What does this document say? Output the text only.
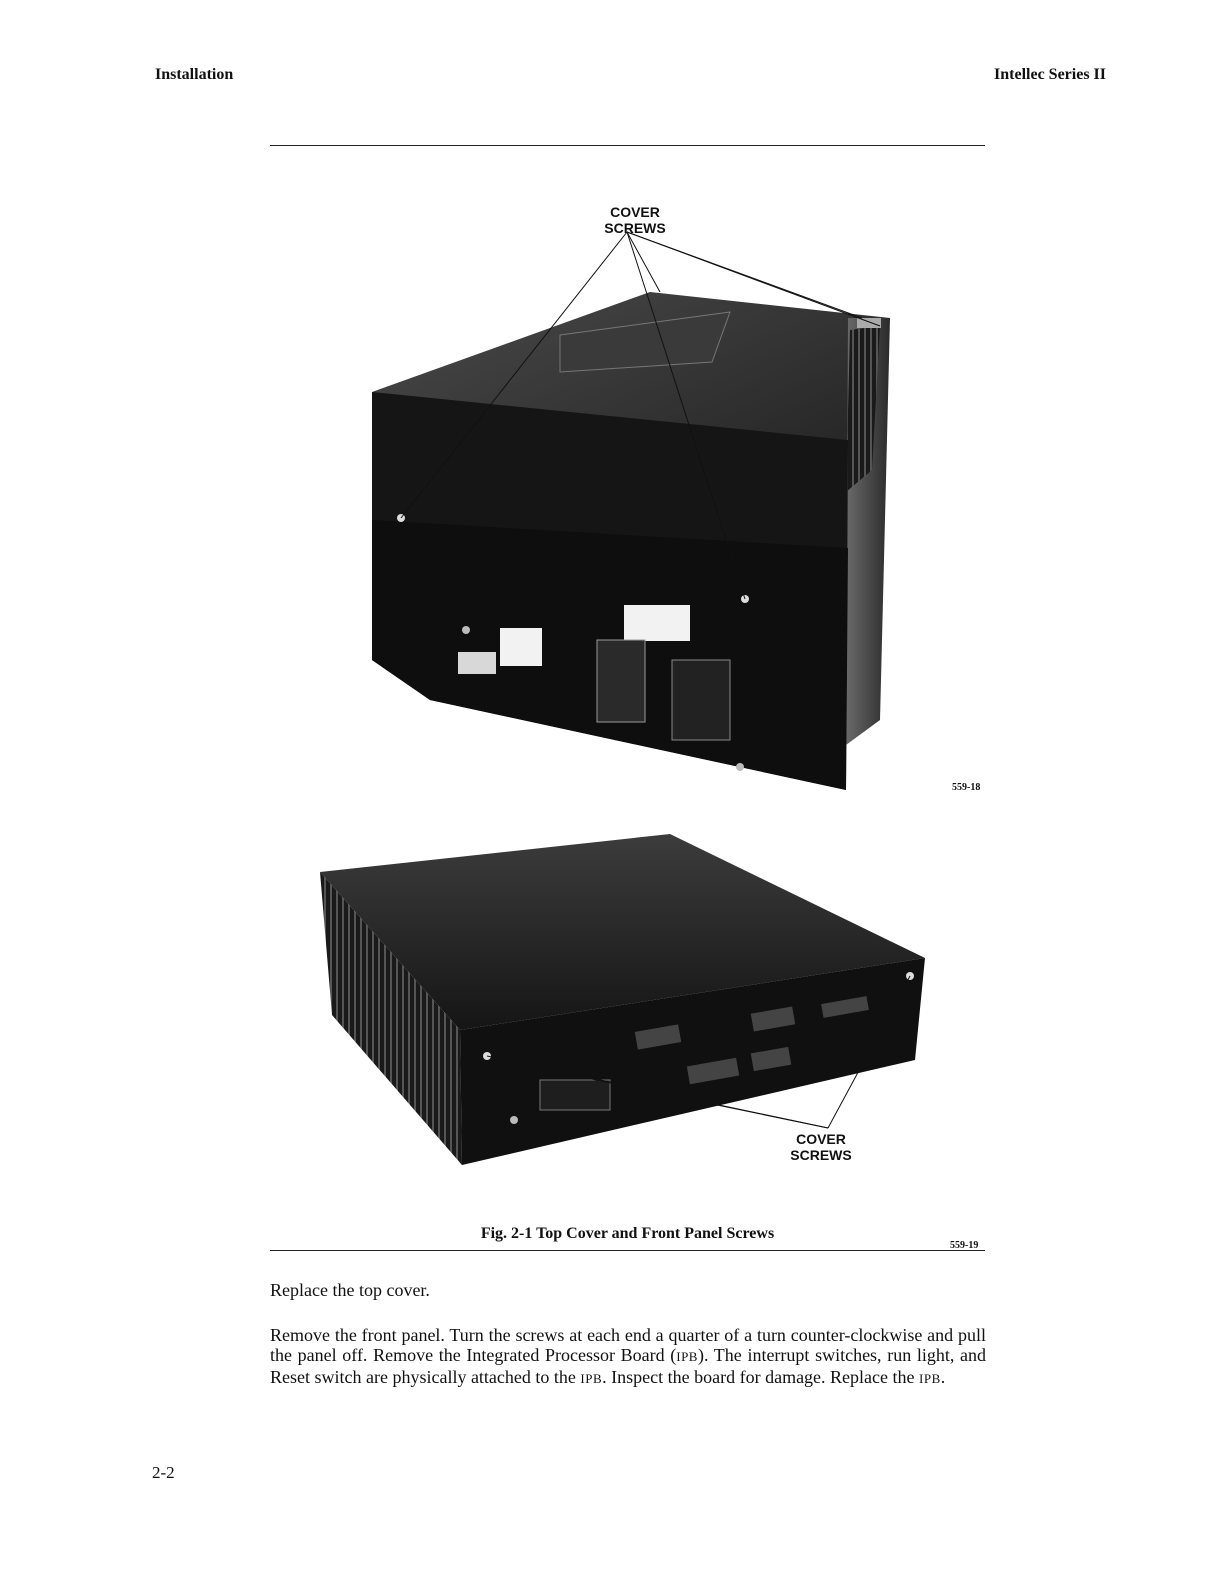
Installation	Intellec Series II
COVER
SCREWS
COVER
SCREWS
559-18
Fig. 2-1 Top Cover and Front Panel Screws
559-19
Replace the top cover.
Remove the front panel. Turn the screws at each end a quarter of a turn counter-clockwise and pull the panel off. Remove the Integrated Processor Board (IPB). The interrupt switches, run light, and Reset switch are physically attached to the IPB. Inspect the board for damage. Replace the IPB.
2-2
